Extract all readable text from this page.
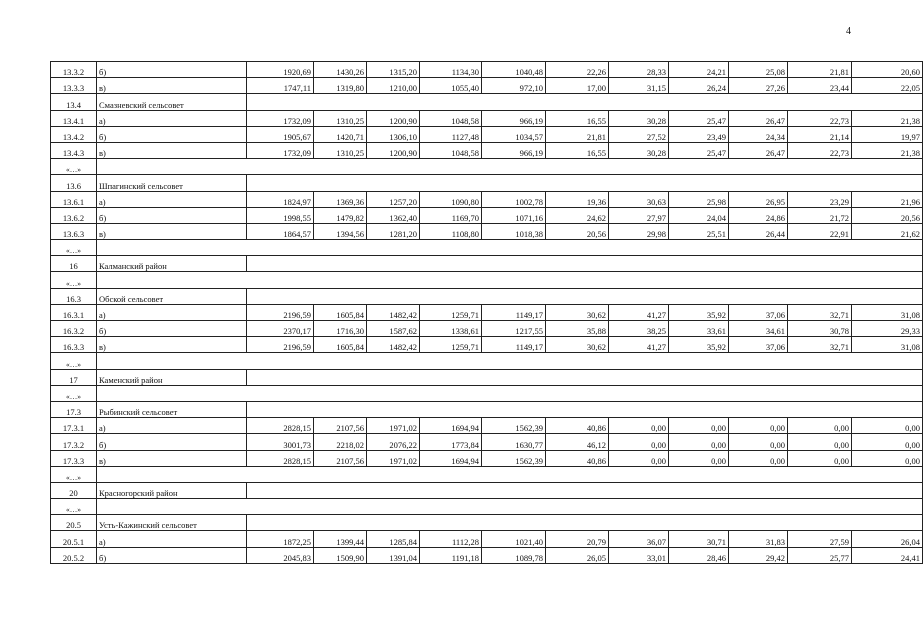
4
13.3.2	б)	1920,69	1430,26	1315,20	1134,30	1040,48	22,26	28,33	24,21	25,08	21,81	20,60
13.3.3	в)	1747,11	1319,80	1210,00	1055,40	972,10	17,00	31,15	26,24	27,26	23,44	22,05
13.4	Смазневский сельсовет											
13.4.1	а)	1732,09	1310,25	1200,90	1048,58	966,19	16,55	30,28	25,47	26,47	22,73	21,38
13.4.2	б)	1905,67	1420,71	1306,10	1127,48	1034,57	21,81	27,52	23,49	24,34	21,14	19,97
13.4.3	в)	1732,09	1310,25	1200,90	1048,58	966,19	16,55	30,28	25,47	26,47	22,73	21,38
«…»												
13.6	Шпагинский сельсовет											
13.6.1	а)	1824,97	1369,36	1257,20	1090,80	1002,78	19,36	30,63	25,98	26,95	23,29	21,96
13.6.2	б)	1998,55	1479,82	1362,40	1169,70	1071,16	24,62	27,97	24,04	24,86	21,72	20,56
13.6.3	в)	1864,57	1394,56	1281,20	1108,80	1018,38	20,56	29,98	25,51	26,44	22,91	21,62
«…»												
16	Калманский район											
«…»												
16.3	Обской сельсовет											
16.3.1	а)	2196,59	1605,84	1482,42	1259,71	1149,17	30,62	41,27	35,92	37,06	32,71	31,08
16.3.2	б)	2370,17	1716,30	1587,62	1338,61	1217,55	35,88	38,25	33,61	34,61	30,78	29,33
16.3.3	в)	2196,59	1605,84	1482,42	1259,71	1149,17	30,62	41,27	35,92	37,06	32,71	31,08
«…»												
17	Каменский район											
«…»												
17.3	Рыбинский сельсовет											
17.3.1	а)	2828,15	2107,56	1971,02	1694,94	1562,39	40,86	0,00	0,00	0,00	0,00	0,00
17.3.2	б)	3001,73	2218,02	2076,22	1773,84	1630,77	46,12	0,00	0,00	0,00	0,00	0,00
17.3.3	в)	2828,15	2107,56	1971,02	1694,94	1562,39	40,86	0,00	0,00	0,00	0,00	0,00
«…»												
20	Красногорский район											
«…»												
20.5	Усть-Кажинский сельсовет											
20.5.1	а)	1872,25	1399,44	1285,84	1112,28	1021,40	20,79	36,07	30,71	31,83	27,59	26,04
20.5.2	б)	2045,83	1509,90	1391,04	1191,18	1089,78	26,05	33,01	28,46	29,42	25,77	24,41
